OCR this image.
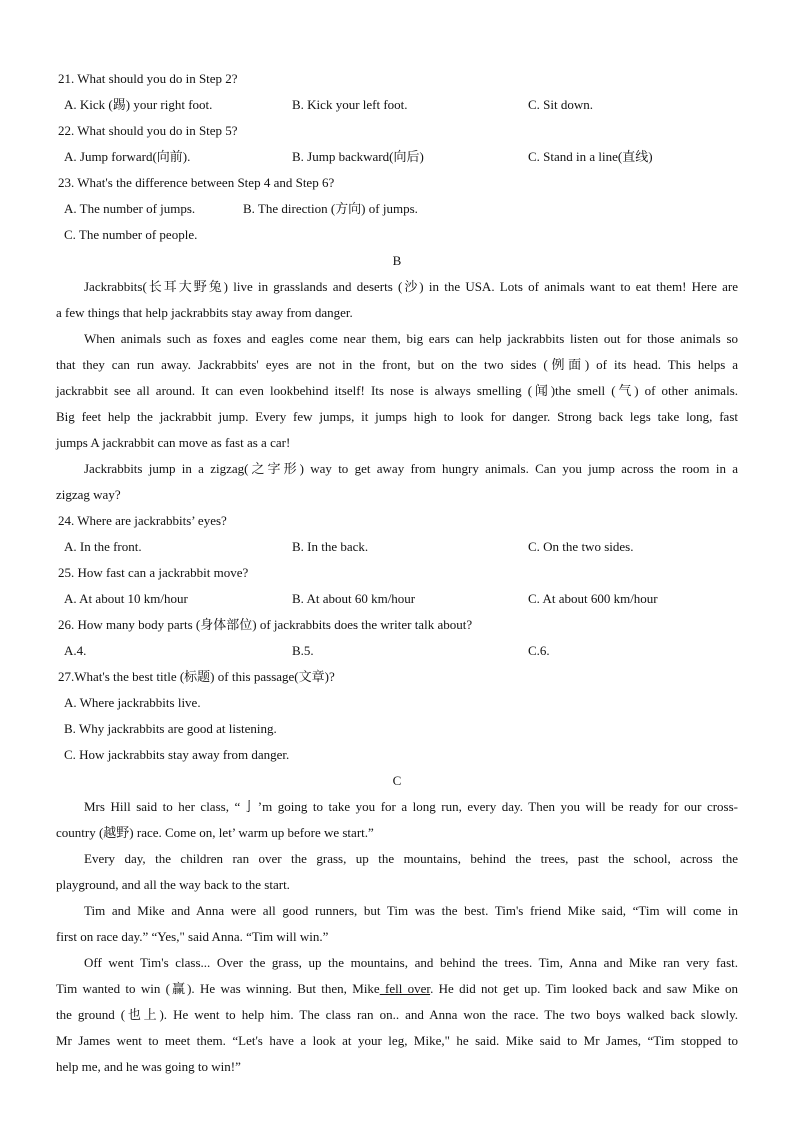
21. What should you do in Step 2?
A. Kick (踢) your right foot.	B. Kick your left foot.	C. Sit down.
22. What should you do in Step 5?
A. Jump forward(向前).	B. Jump backward(向后)	C. Stand in a line(直线)
23. What's the difference between Step 4 and Step 6?
A. The number of jumps.	B. The direction (方向) of jumps.
C. The number of people.
B
Jackrabbits(长耳大野兔) live in grasslands and deserts (沙) in the USA. Lots of animals want to eat them! Here are
a few things that help jackrabbits stay away from danger.
When animals such as foxes and eagles come near them, big ears can help jackrabbits listen out for those animals so
that they can run away. Jackrabbits' eyes are not in the front, but on the two sides (例面) of its head. This helps a
jackrabbit see all around. It can even lookbehind itself! Its nose is always smelling (闻)the smell (气) of other animals.
Big feet help the jackrabbit jump. Every few jumps, it jumps high to look for danger. Strong back legs take long, fast
jumps A jackrabbit can move as fast as a car!
Jackrabbits jump in a zigzag(之字形) way to get away from hungry animals. Can you jump across the room in a
zigzag way?
24. Where are jackrabbits’ eyes?
A. In the front.	B. In the back.	C. On the two sides.
25. How fast can a jackrabbit move?
A. At about 10 km/hour	B. At about 60 km/hour	C. At about 600 km/hour
26. How many body parts (身体部位) of jackrabbits does the writer talk about?
A.4.	B.5.	C.6.
27.What's the best title (标题) of this passage(文章)?
A. Where jackrabbits live.
B. Why jackrabbits are good at listening.
C. How jackrabbits stay away from danger.
C
Mrs Hill said to her class, “亅’m going to take you for a long run, every day. Then you will be ready for our cross-
country (越野) race. Come on, let’ warm up before we start.”
Every day, the children ran over the grass, up the mountains, behind the trees, past the school, across the
playground, and all the way back to the start.
Tim and Mike and Anna were all good runners, but Tim was the best. Tim's friend Mike said, “Tim will come in
first on race day.” “Yes," said Anna. “Tim will win.”
Off went Tim's class... Over the grass, up the mountains, and behind the trees. Tim, Anna and Mike ran very fast.
Tim wanted to win (赢). He was winning. But then, Mike fell over. He did not get up. Tim looked back and saw Mike on
the ground (也上). He went to help him. The class ran on.. and Anna won the race. The two boys walked back slowly.
Mr James went to meet them. “Let's have a look at your leg, Mike," he said. Mike said to Mr James, “Tim stopped to
help me, and he was going to win!”
